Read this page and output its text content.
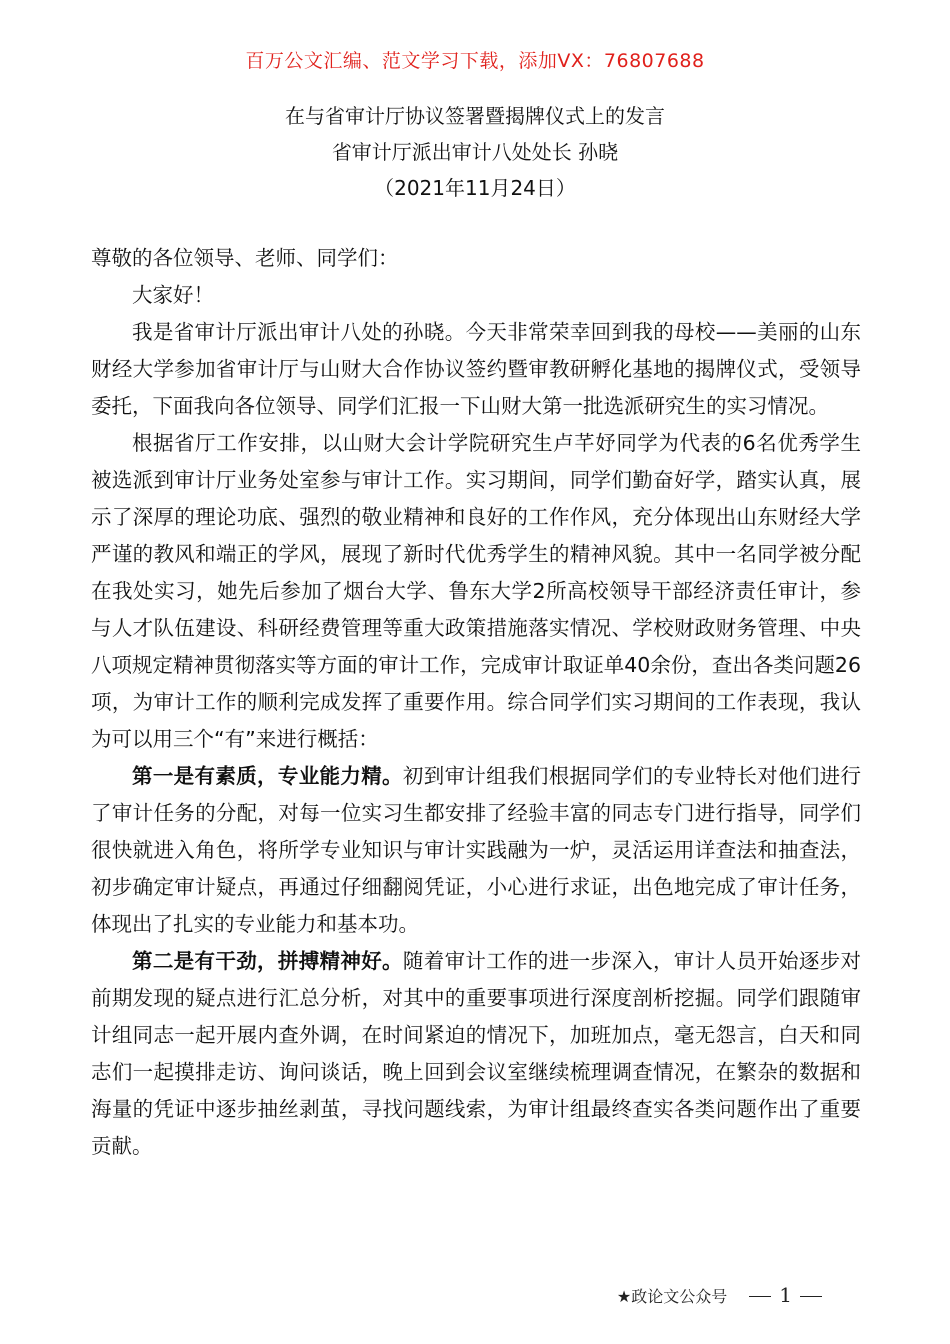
百万公文汇编、范文学习下载，添加VX：76807688
在与省审计厅协议签署暨揭牌仪式上的发言
省审计厅派出审计八处处长 孙晓
（2021年11月24日）

尊敬的各位领导、老师、同学们：

大家好！

我是省审计厅派出审计八处的孙晓。今天非常荣幸回到我的母校——美丽的山东财经大学参加省审计厅与山财大合作协议签约暨审教研孵化基地的揭牌仪式，受领导委托，下面我向各位领导、同学们汇报一下山财大第一批选派研究生的实习情况。

根据省厅工作安排，以山财大会计学院研究生卢芊妤同学为代表的6名优秀学生被选派到审计厅业务处室参与审计工作。实习期间，同学们勤奋好学，踏实认真，展示了深厚的理论功底、强烈的敬业精神和良好的工作作风，充分体现出山东财经大学严谨的教风和端正的学风，展现了新时代优秀学生的精神风貌。其中一名同学被分配在我处实习，她先后参加了烟台大学、鲁东大学2所高校领导干部经济责任审计，参与人才队伍建设、科研经费管理等重大政策措施落实情况、学校财政财务管理、中央八项规定精神贯彻落实等方面的审计工作，完成审计取证单40余份，查出各类问题26项，为审计工作的顺利完成发挥了重要作用。综合同学们实习期间的工作表现，我认为可以用三个“有”来进行概括：

第一是有素质，专业能力精。初到审计组我们根据同学们的专业特长对他们进行了审计任务的分配，对每一位实习生都安排了经验丰富的同志专门进行指导，同学们很快就进入角色，将所学专业知识与审计实践融为一炉，灵活运用详查法和抽查法，初步确定审计疑点，再通过仔细翻阅凭证，小心进行求证，出色地完成了审计任务，体现出了扎实的专业能力和基本功。

第二是有干劲，拼搏精神好。随着审计工作的进一步深入，审计人员开始逐步对前期发现的疑点进行汇总分析，对其中的重要事项进行深度剖析挖掘。同学们跟随审计组同志一起开展内查外调，在时间紧迫的情况下，加班加点，毫无怨言，白天和同志们一起摸排走访、询问谈话，晚上回到会议室继续梳理调查情况，在繁杂的数据和海量的凭证中逐步抽丝剥茧，寻找问题线索，为审计组最终查实各类问题作出了重要贡献。

★政论文公众号	1
